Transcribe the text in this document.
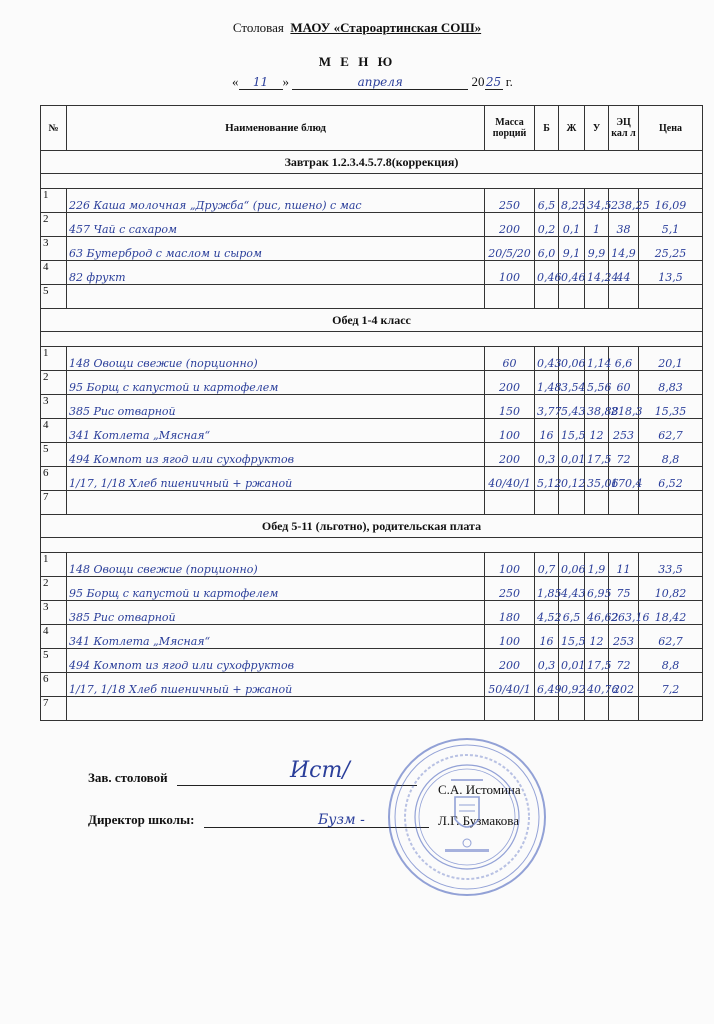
Столовая МАОУ «Староартинская СОШ»
М Е Н Ю
« 11 »	апреля	2025 г.
№	Наименование блюд	Масса порций	Б	Ж	У	ЭЦ кал л	Цена
Завтрак 1.2.3.4.5.7.8(коррекция)							

1	226 Каша молочная „Дружба“ (рис, пшено) с мас	250	6,5	8,25	34,5	238,25	16,09
2	457 Чай с сахаром	200	0,2	0,1	1	38	5,1
3	63 Бутерброд с маслом и сыром	20/5/20	6,0	9,1	9,9	14,9	25,25
4	82 фрукт	100	0,46	0,46	14,24	44	13,5
5							
Обед 1-4 класс							

1	148 Овощи свежие (порционно)	60	0,43	0,06	1,14	6,6	20,1
2	95 Борщ с капустой и картофелем	200	1,48	3,54	5,56	60	8,83
3	385 Рис отварной	150	3,77	5,43	38,88	218,3	15,35
4	341 Котлета „Мясная“	100	16	15,5	12	253	62,7
5	494 Компот из ягод или сухофруктов	200	0,3	0,01	17,5	72	8,8
6	1/17, 1/18 Хлеб пшеничный + ржаной	40/40/1	5,12	0,12	35,06	170,4	6,52
7							
Обед 5-11 (льготно), родительская плата							

1	148 Овощи свежие (порционно)	100	0,7	0,06	1,9	11	33,5
2	95 Борщ с капустой и картофелем	250	1,85	4,43	6,95	75	10,82
3	385 Рис отварной	180	4,52	6,5	46,62	263,16	18,42
4	341 Котлета „Мясная“	100	16	15,5	12	253	62,7
5	494 Компот из ягод или сухофруктов	200	0,3	0,01	17,5	72	8,8
6	1/17, 1/18 Хлеб пшеничный + ржаной	50/40/1	6,49	0,92	40,76	202	7,2
7							
Зав. столовой	Ист/
С.А. Истомина
Директор школы:	Бузм -	Л.Г. Бузмакова
